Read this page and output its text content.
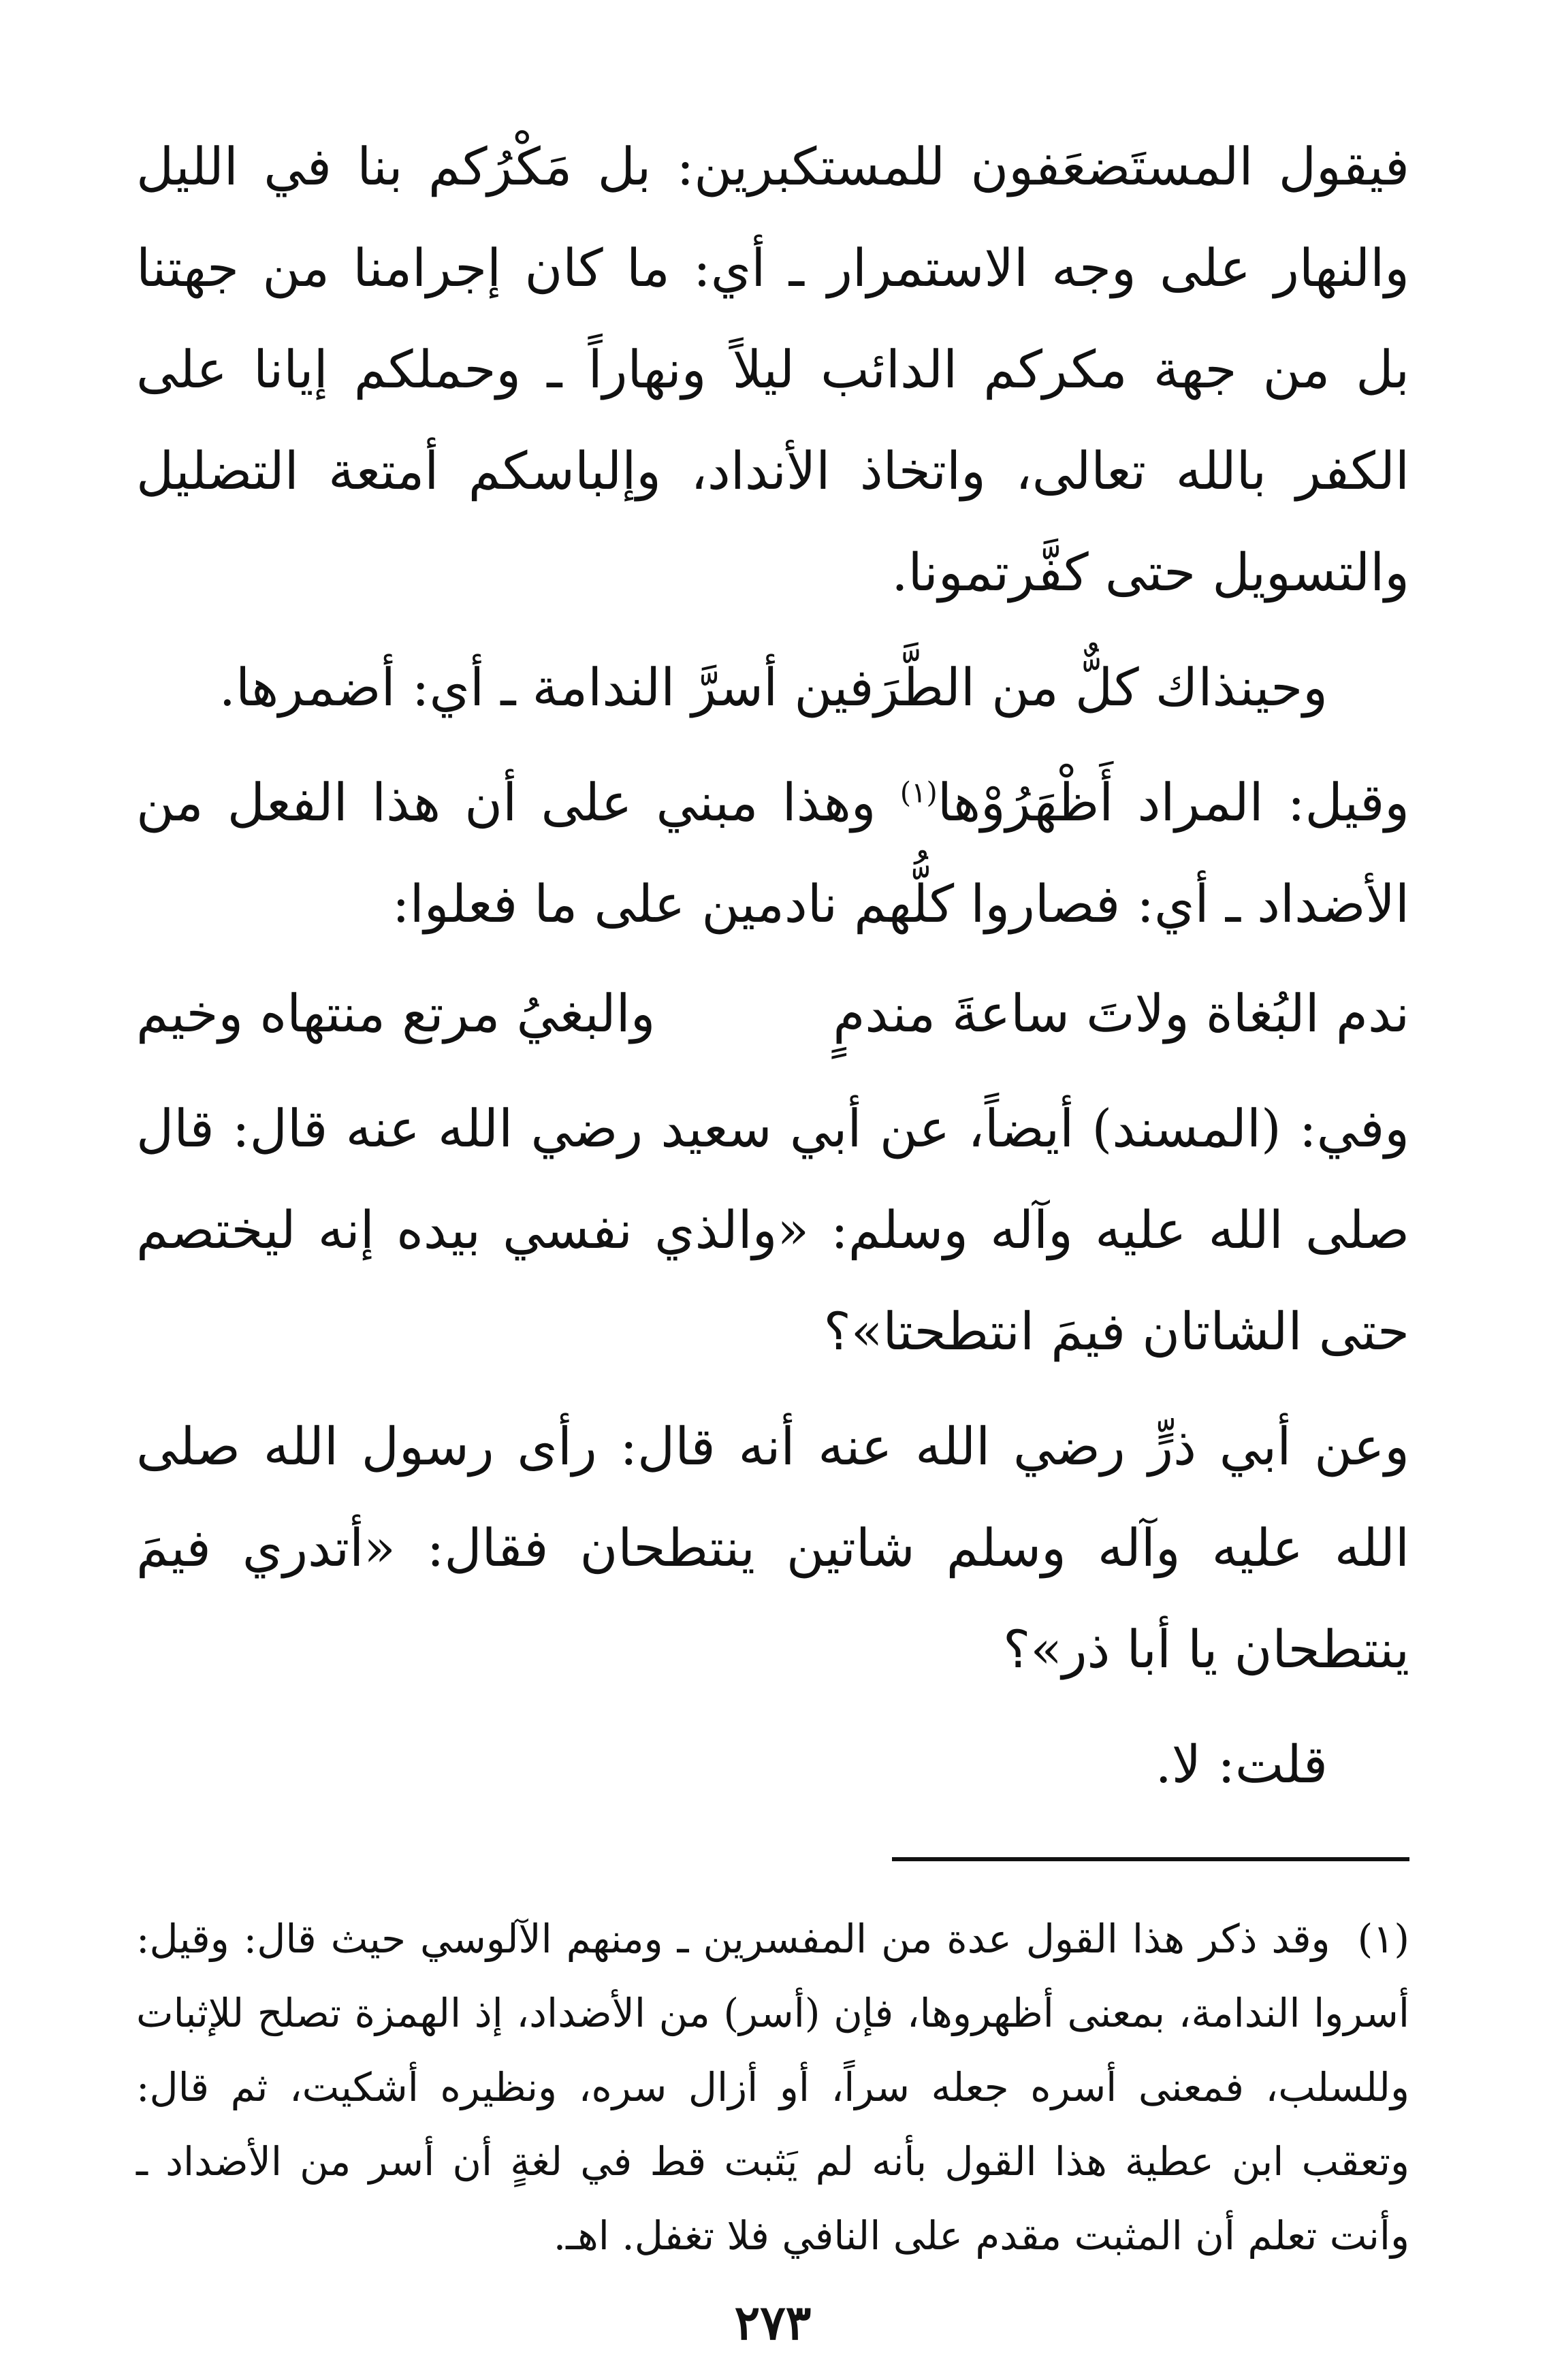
فيقول المستَضعَفون للمستكبرين: بل مَكْرُكم بنا في الليل والنهار على وجه الاستمرار ـ أي: ما كان إجرامنا من جهتنا بل من جهة مكركم الدائب ليلاً ونهاراً ـ وحملكم إيانا على الكفر بالله تعالى، واتخاذ الأنداد، وإلباسكم أمتعة التضليل والتسويل حتى كفَّرتمونا.

وحينذاك كلٌّ من الطَّرَفين أسرَّ الندامة ـ أي: أضمرها.

وقيل: المراد أَظْهَرُوْها$^{(١)}$ وهذا مبني على أن هذا الفعل من الأضداد ـ أي: فصاروا كلُّهم نادمين على ما فعلوا:

ندم البُغاة ولاتَ ساعةَ مندمٍ
والبغيُ مرتع منتهاه وخيم

وفي: (المسند) أيضاً، عن أبي سعيد رضي الله عنه قال: قال صلى الله عليه وآله وسلم: «والذي نفسي بيده إنه ليختصم حتى الشاتان فيمَ انتطحتا»؟

وعن أبي ذرٍّ رضي الله عنه أنه قال: رأى رسول الله صلى الله عليه وآله وسلم شاتين ينتطحان فقال: «أتدري فيمَ ينتطحان يا أبا ذر»؟

قلت: لا.

(١)وقد ذكر هذا القول عدة من المفسرين ـ ومنهم الآلوسي حيث قال: وقيل: أسروا الندامة، بمعنى أظهروها، فإن (أسر) من الأضداد، إذ الهمزة تصلح للإثبات وللسلب، فمعنى أسره جعله سراً، أو أزال سره، ونظيره أشكيت، ثم قال: وتعقب ابن عطية هذا القول بأنه لم يَثبت قط في لغةٍ أن أسر من الأضداد ـ وأنت تعلم أن المثبت مقدم على النافي فلا تغفل. اهـ.

٢٧٣
